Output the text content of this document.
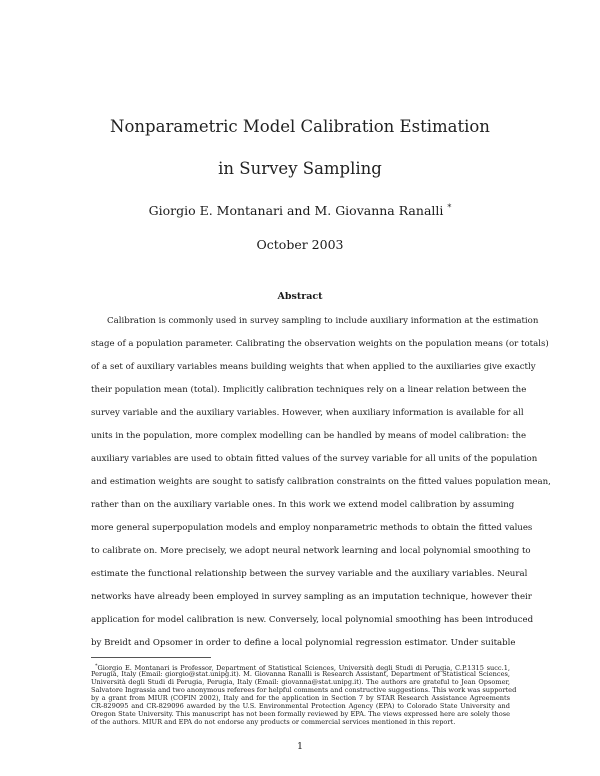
Nonparametric Model Calibration Estimation
in Survey Sampling
Giorgio E. Montanari and M. Giovanna Ranalli *
October 2003
Abstract
Calibration is commonly used in survey sampling to include auxiliary information at the estimation
stage of a population parameter. Calibrating the observation weights on the population means (or totals)
of a set of auxiliary variables means building weights that when applied to the auxiliaries give exactly
their population mean (total). Implicitly calibration techniques rely on a linear relation between the
survey variable and the auxiliary variables. However, when auxiliary information is available for all
units in the population, more complex modelling can be handled by means of model calibration: the
auxiliary variables are used to obtain fitted values of the survey variable for all units of the population
and estimation weights are sought to satisfy calibration constraints on the fitted values population mean,
rather than on the auxiliary variable ones. In this work we extend model calibration by assuming
more general superpopulation models and employ nonparametric methods to obtain the fitted values
to calibrate on. More precisely, we adopt neural network learning and local polynomial smoothing to
estimate the functional relationship between the survey variable and the auxiliary variables. Neural
networks have already been employed in survey sampling as an imputation technique, however their
application for model calibration is new. Conversely, local polynomial smoothing has been introduced
by Breidt and Opsomer in order to define a local polynomial regression estimator. Under suitable
*Giorgio E. Montanari is Professor, Department of Statistical Sciences, Università degli Studi di Perugia, C.P.1315 succ.1,
Perugia, Italy (Email: giorgio@stat.unipg.it). M. Giovanna Ranalli is Research Assistant, Department of Statistical Sciences,
Università degli Studi di Perugia, Perugia, Italy (Email: giovanna@stat.unipg.it). The authors are grateful to Jean Opsomer,
Salvatore Ingrassia and two anonymous referees for helpful comments and constructive suggestions. This work was supported
by a grant from MIUR (COFIN 2002), Italy and for the application in Section 7 by STAR Research Assistance Agreements
CR-829095 and CR-829096 awarded by the U.S. Environmental Protection Agency (EPA) to Colorado State University and
Oregon State University. This manuscript has not been formally reviewed by EPA. The views expressed here are solely those
of the authors. MIUR and EPA do not endorse any products or commercial services mentioned in this report.
1
